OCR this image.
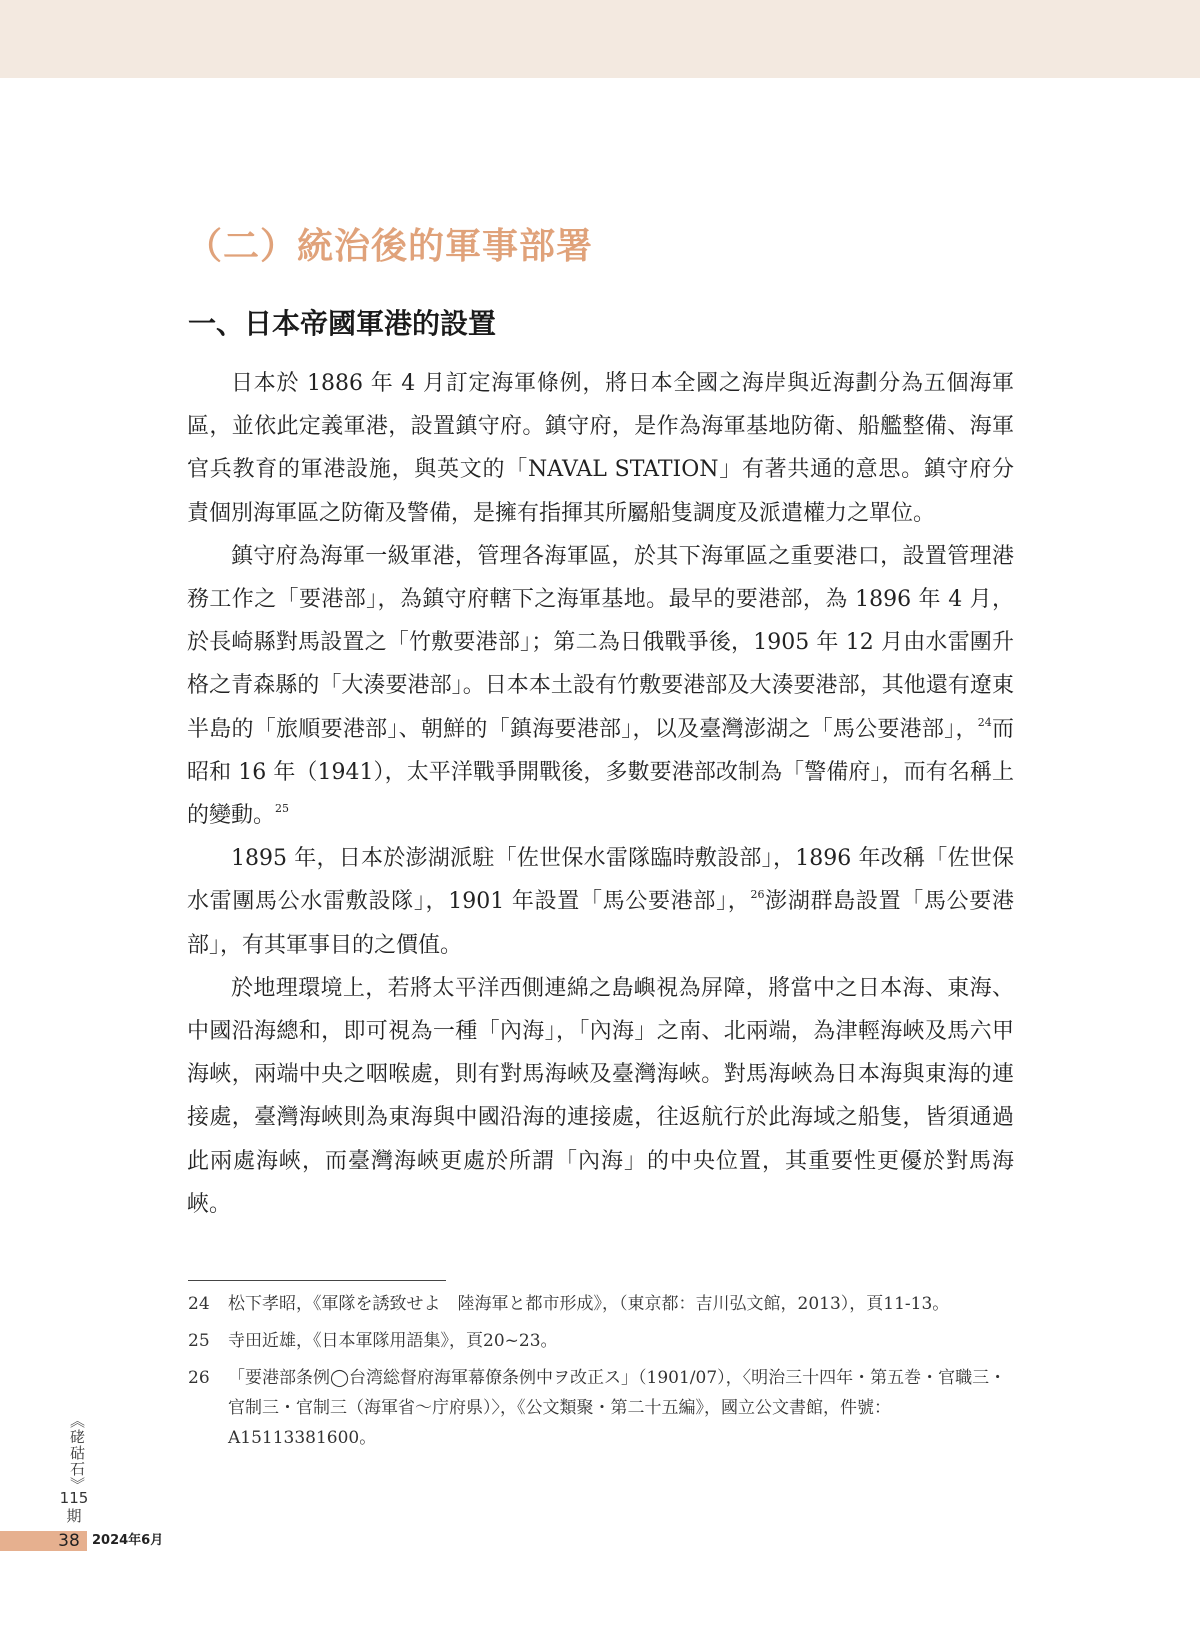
（二）統治後的軍事部署
一、日本帝國軍港的設置

日本於 1886 年 4 月訂定海軍條例，將日本全國之海岸與近海劃分為五個海軍區，並依此定義軍港，設置鎮守府。鎮守府，是作為海軍基地防衛、船艦整備、海軍官兵教育的軍港設施，與英文的「NAVAL STATION」有著共通的意思。鎮守府分責個別海軍區之防衛及警備，是擁有指揮其所屬船隻調度及派遣權力之單位。

鎮守府為海軍一級軍港，管理各海軍區，於其下海軍區之重要港口，設置管理港務工作之「要港部」，為鎮守府轄下之海軍基地。最早的要港部，為 1896 年 4 月，於長崎縣對馬設置之「竹敷要港部」；第二為日俄戰爭後，1905 年 12 月由水雷團升格之青森縣的「大湊要港部」。日本本土設有竹敷要港部及大湊要港部，其他還有遼東半島的「旅順要港部」、朝鮮的「鎮海要港部」，以及臺灣澎湖之「馬公要港部」，$^{24}$而昭和 16 年（1941），太平洋戰爭開戰後，多數要港部改制為「警備府」，而有名稱上的變動。$^{25}$

1895 年，日本於澎湖派駐「佐世保水雷隊臨時敷設部」，1896 年改稱「佐世保水雷團馬公水雷敷設隊」，1901 年設置「馬公要港部」，$^{26}$澎湖群島設置「馬公要港部」，有其軍事目的之價值。

於地理環境上，若將太平洋西側連綿之島嶼視為屏障，將當中之日本海、東海、中國沿海總和，即可視為一種「內海」，「內海」之南、北兩端，為津輕海峽及馬六甲海峽，兩端中央之咽喉處，則有對馬海峽及臺灣海峽。對馬海峽為日本海與東海的連接處，臺灣海峽則為東海與中國沿海的連接處，往返航行於此海域之船隻，皆須通過此兩處海峽，而臺灣海峽更處於所謂「內海」的中央位置，其重要性更優於對馬海峽。

24	松下孝昭，《軍隊を誘致せよ　陸海軍と都市形成》，（東京都：吉川弘文館，2013），頁11-13。
25	寺田近雄，《日本軍隊用語集》，頁20~23。
26	「要港部条例◯台湾総督府海軍幕僚条例中ヲ改正ス」（1901/07），〈明治三十四年・第五巻・官職三・官制三・官制三（海軍省～庁府県）〉，《公文類聚・第二十五編》，國立公文書館，件號：A15113381600。
《硓𥑮石》
115
期
38 2024年6月
